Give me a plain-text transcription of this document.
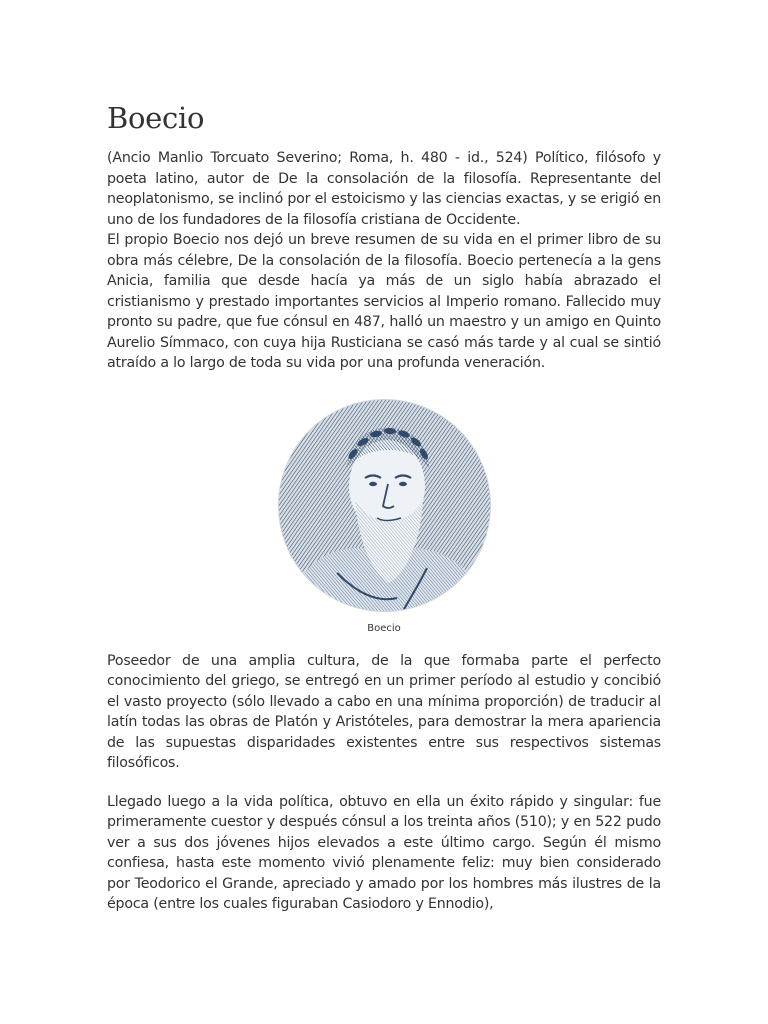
Boecio

(Ancio Manlio Torcuato Severino; Roma, h. 480 - id., 524) Político, filósofo y poeta latino, autor de De la consolación de la filosofía. Representante del neoplatonismo, se inclinó por el estoicismo y las ciencias exactas, y se erigió en uno de los fundadores de la filosofía cristiana de Occidente.

El propio Boecio nos dejó un breve resumen de su vida en el primer libro de su obra más célebre, De la consolación de la filosofía. Boecio pertenecía a la gens Anicia, familia que desde hacía ya más de un siglo había abrazado el cristianismo y prestado importantes servicios al Imperio romano. Fallecido muy pronto su padre, que fue cónsul en 487, halló un maestro y un amigo en Quinto Aurelio Símmaco, con cuya hija Rusticiana se casó más tarde y al cual se sintió atraído a lo largo de toda su vida por una profunda veneración.

Boecio

Poseedor de una amplia cultura, de la que formaba parte el perfecto conocimiento del griego, se entregó en un primer período al estudio y concibió el vasto proyecto (sólo llevado a cabo en una mínima proporción) de traducir al latín todas las obras de Platón y Aristóteles, para demostrar la mera apariencia de las supuestas disparidades existentes entre sus respectivos sistemas filosóficos.

Llegado luego a la vida política, obtuvo en ella un éxito rápido y singular: fue primeramente cuestor y después cónsul a los treinta años (510); y en 522 pudo ver a sus dos jóvenes hijos elevados a este último cargo. Según él mismo confiesa, hasta este momento vivió plenamente feliz: muy bien considerado por Teodorico el Grande, apreciado y amado por los hombres más ilustres de la época (entre los cuales figuraban Casiodoro y Ennodio),
